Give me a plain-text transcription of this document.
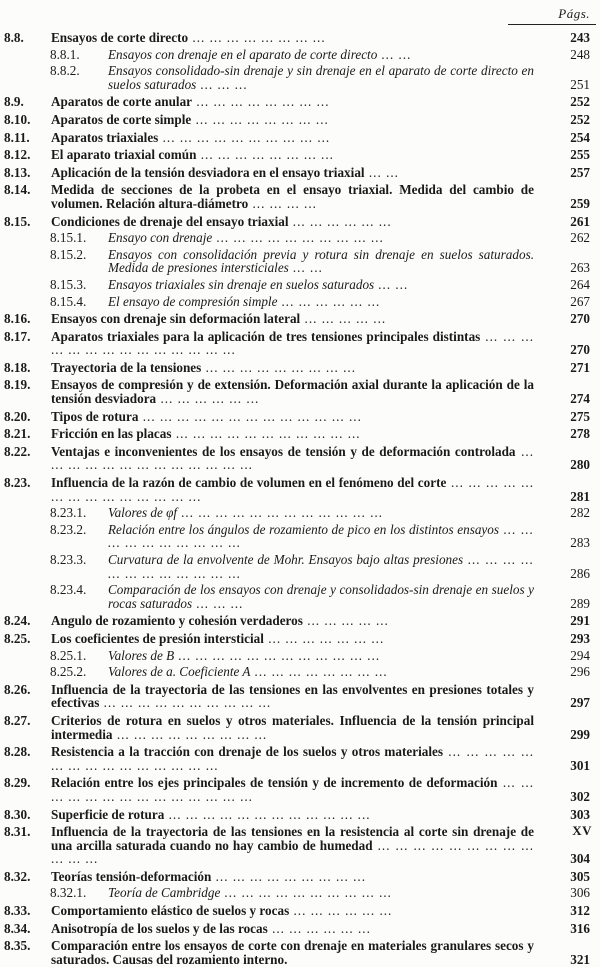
Págs.
8.8. Ensayos de corte directo ... ... ... ... ... ... ... ...	243
8.8.1. Ensayos con drenaje en el aparato de corte directo ... ...	248
8.8.2. Ensayos consolidado-sin drenaje y sin drenaje en el aparato de corte directo en suelos saturados ... ... ...	251
8.9. Aparatos de corte anular ... ... ... ... ... ... ... ...	252
8.10. Aparatos de corte simple ... ... ... ... ... ... ... ...	252
8.11. Aparatos triaxiales ... ... ... ... ... ... ... ... ... ...	254
8.12. El aparato triaxial común ... ... ... ... ... ... ... ...	255
8.13. Aplicación de la tensión desviadora en el ensayo triaxial ... ...	257
8.14. Medida de secciones de la probeta en el ensayo triaxial. Medida del cambio de volumen. Relación altura-diámetro ... ... ... ...	259
8.15. Condiciones de drenaje del ensayo triaxial ... ... ... ... ... ...	261
8.15.1. Ensayo con drenaje ... ... ... ... ... ... ... ... ... ...	262
8.15.2. Ensayos con consolidación previa y rotura sin drenaje en suelos saturados. Medida de presiones intersticiales ... ...	263
8.15.3. Ensayos triaxiales sin drenaje en suelos saturados ... ...	264
8.15.4. El ensayo de compresión simple ... ... ... ... ... ...	267
8.16. Ensayos con drenaje sin deformación lateral ... ... ... ... ...	270
8.17. Aparatos triaxiales para la aplicación de tres tensiones principales distintas ... ... ... ... ... ... ... ... ... ... ... ... ... ...	270
8.18. Trayectoria de la tensiones ... ... ... ... ... ... ... ... ...	271
8.19. Ensayos de compresión y de extensión. Deformación axial durante la aplicación de la tensión desviadora ... ... ... ... ... ...	274
8.20. Tipos de rotura ... ... ... ... ... ... ... ... ... ... ... ... ...	275
8.21. Fricción en las placas ... ... ... ... ... ... ... ... ... ... ...	278
8.22. Ventajas e inconvenientes de los ensayos de tensión y de deformación controlada ... ... ... ... ... ... ... ... ... ... ... ... ...	280
8.23. Influencia de la razón de cambio de volumen en el fenómeno del corte ... ... ... ... ... ... ... ... ... ... ... ... ... ...	281
8.23.1. Valores de φf ... ... ... ... ... ... ... ... ... ... ... ...	282
8.23.2. Relación entre los ángulos de rozamiento de pico en los distintos ensayos ... ... ... ... ... ... ... ... ... ...	283
8.23.3. Curvatura de la envolvente de Mohr. Ensayos bajo altas presiones ... ... ... ... ... ... ... ... ... ... ... ...	286
8.23.4. Comparación de los ensayos con drenaje y consolidados-sin drenaje en suelos y rocas saturados ... ... ...	289
8.24. Angulo de rozamiento y cohesión verdaderos ... ... ... ... ...	291
8.25. Los coeficientes de presión intersticial ... ... ... ... ... ... ...	293
8.25.1. Valores de B ... ... ... ... ... ... ... ... ... ... ... ...	294
8.25.2. Valores de a. Coeficiente A ... ... ... ... ... ... ... ...	296
8.26. Influencia de la trayectoria de las tensiones en las envolventes en presiones totales y efectivas ... ... ... ... ... ... ... ... ... ...	297
8.27. Criterios de rotura en suelos y otros materiales. Influencia de la tensión principal intermedia ... ... ... ... ... ... ... ... ...	299
8.28. Resistencia a la tracción con drenaje de los suelos y otros materiales ... ... ... ... ... ... ... ... ... ... ... ... ... ... ...	301
8.29. Relación entre los ejes principales de tensión y de incremento de deformación ... ... ... ... ... ... ... ... ... ... ... ... ... ...	302
8.30. Superficie de rotura ... ... ... ... ... ... ... ... ... ... ... ...	303
8.31. Influencia de la trayectoria de las tensiones en la resistencia al corte sin drenaje de una arcilla saturada cuando no hay cambio de humedad ... ... ... ... ... ... ... ... ... ... ... ...	304
8.32. Teorías tensión-deformación ... ... ... ... ... ... ... ... ...	305
8.32.1. Teoría de Cambridge ... ... ... ... ... ... ... ... ... ...	306
8.33. Comportamiento elástico de suelos y rocas ... ... ... ... ... ...	312
8.34. Anisotropía de los suelos y de las rocas ... ... ... ... ... ...	316
8.35. Comparación entre los ensayos de corte con drenaje en materiales granulares secos y saturados. Causas del rozamiento interno.	321
XV
